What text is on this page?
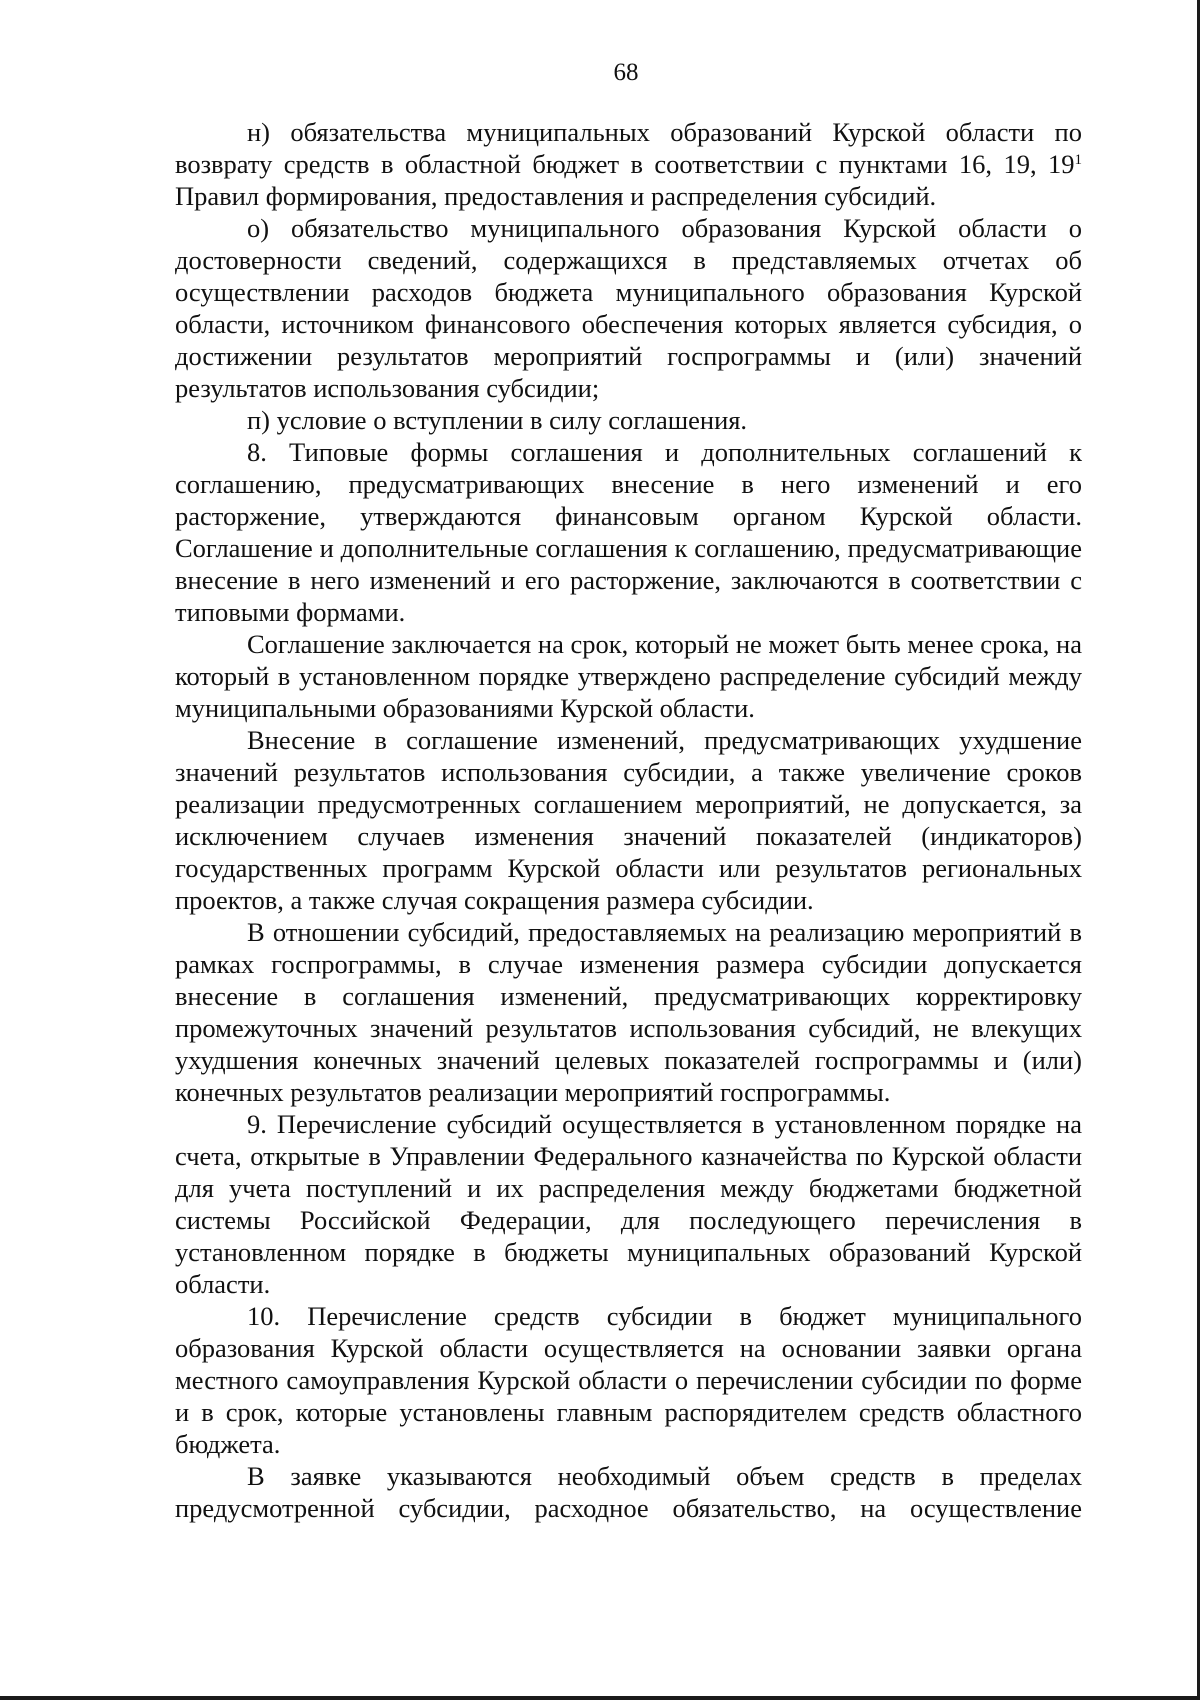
68

н) обязательства муниципальных образований Курской области по возврату средств в областной бюджет в соответствии с пунктами 16, 19, $19^1$ Правил формирования, предоставления и распределения субсидий.

о) обязательство муниципального образования Курской области о достоверности сведений, содержащихся в представляемых отчетах об осуществлении расходов бюджета муниципального образования Курской области, источником финансового обеспечения которых является субсидия, о достижении результатов мероприятий госпрограммы и (или) значений результатов использования субсидии;

п) условие о вступлении в силу соглашения.

8. Типовые формы соглашения и дополнительных соглашений к соглашению, предусматривающих внесение в него изменений и его расторжение, утверждаются финансовым органом Курской области. Соглашение и дополнительные соглашения к соглашению, предусматривающие внесение в него изменений и его расторжение, заключаются в соответствии с типовыми формами.

Соглашение заключается на срок, который не может быть менее срока, на который в установленном порядке утверждено распределение субсидий между муниципальными образованиями Курской области.

Внесение в соглашение изменений, предусматривающих ухудшение значений результатов использования субсидии, а также увеличение сроков реализации предусмотренных соглашением мероприятий, не допускается, за исключением случаев изменения значений показателей (индикаторов) государственных программ Курской области или результатов региональных проектов, а также случая сокращения размера субсидии.

В отношении субсидий, предоставляемых на реализацию мероприятий в рамках госпрограммы, в случае изменения размера субсидии допускается внесение в соглашения изменений, предусматривающих корректировку промежуточных значений результатов использования субсидий, не влекущих ухудшения конечных значений целевых показателей госпрограммы и (или) конечных результатов реализации мероприятий госпрограммы.

9. Перечисление субсидий осуществляется в установленном порядке на счета, открытые в Управлении Федерального казначейства по Курской области для учета поступлений и их распределения между бюджетами бюджетной системы Российской Федерации, для последующего перечисления в установленном порядке в бюджеты муниципальных образований Курской области.

10. Перечисление средств субсидии в бюджет муниципального образования Курской области осуществляется на основании заявки органа местного самоуправления Курской области о перечислении субсидии по форме и в срок, которые установлены главным распорядителем средств областного бюджета.

В заявке указываются необходимый объем средств в пределах предусмотренной субсидии, расходное обязательство, на осуществление
